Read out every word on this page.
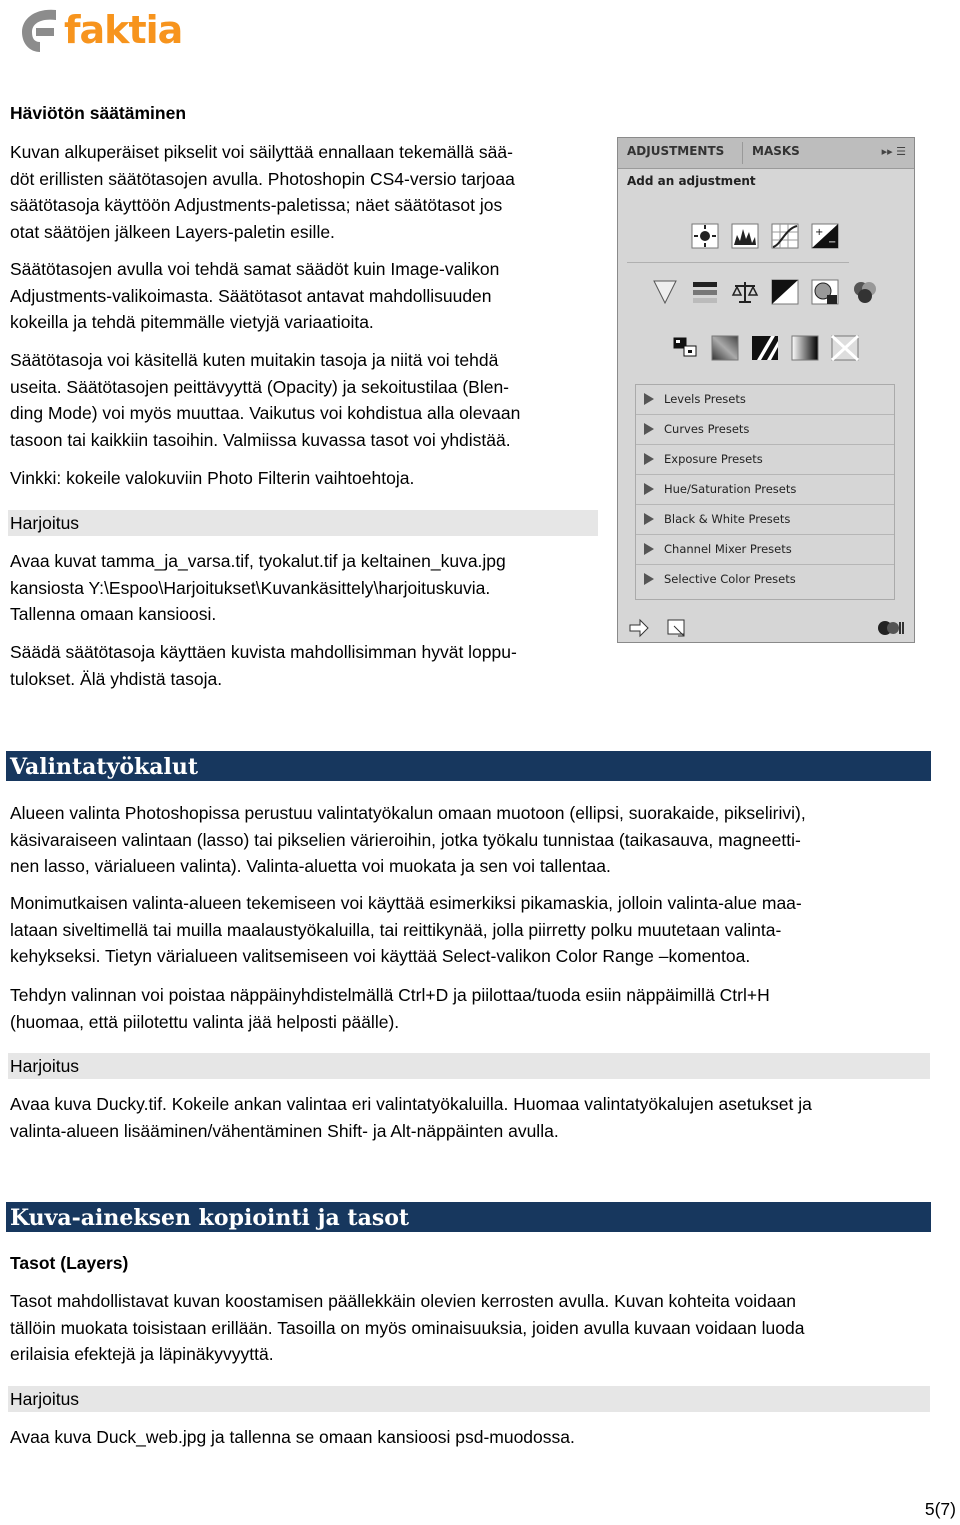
faktia

Häviötön säätäminen

Kuvan alkuperäiset pikselit voi säilyttää ennallaan tekemällä sää-

döt erillisten säätötasojen avulla. Photoshopin CS4-versio tarjoaa

säätötasoja käyttöön Adjustments-paletissa; näet säätötasot jos

otat säätöjen jälkeen Layers-paletin esille.

Säätötasojen avulla voi tehdä samat säädöt kuin Image-valikon

Adjustments-valikoimasta. Säätötasot antavat mahdollisuuden

kokeilla ja tehdä pitemmälle vietyjä variaatioita.

Säätötasoja voi käsitellä kuten muitakin tasoja ja niitä voi tehdä

useita. Säätötasojen peittävyyttä (Opacity) ja sekoitustilaa (Blen-

ding Mode) voi myös muuttaa. Vaikutus voi kohdistua alla olevaan

tasoon tai kaikkiin tasoihin. Valmiissa kuvassa tasot voi yhdistää.

Vinkki: kokeile valokuviin Photo Filterin vaihtoehtoja.

Harjoitus

Avaa kuvat tamma_ja_varsa.tif, tyokalut.tif ja keltainen_kuva.jpg

kansiosta Y:\Espoo\Harjoitukset\Kuvankäsittely\harjoituskuvia.

Tallenna omaan kansioosi.

Säädä säätötasoja käyttäen kuvista mahdollisimman hyvät loppu-

tulokset. Älä yhdistä tasoja.

ADJUSTMENTS MASKS	▸▸ ☰
Add an adjustment
+
−
Levels Presets
Curves Presets
Exposure Presets
Hue/Saturation Presets
Black & White Presets
Channel Mixer Presets
Selective Color Presets
Valintatyökalut

Alueen valinta Photoshopissa perustuu valintatyökalun omaan muotoon (ellipsi, suorakaide, pikselirivi),

käsivaraiseen valintaan (lasso) tai pikselien värieroihin, jotka työkalu tunnistaa (taikasauva, magneetti-

nen lasso, värialueen valinta). Valinta-aluetta voi muokata ja sen voi tallentaa.

Monimutkaisen valinta-alueen tekemiseen voi käyttää esimerkiksi pikamaskia, jolloin valinta-alue maa-

lataan siveltimellä tai muilla maalaustyökaluilla, tai reittikynää, jolla piirretty polku muutetaan valinta-

kehykseksi. Tietyn värialueen valitsemiseen voi käyttää Select-valikon Color Range –komentoa.

Tehdyn valinnan voi poistaa näppäinyhdistelmällä Ctrl+D ja piilottaa/tuoda esiin näppäimillä Ctrl+H

(huomaa, että piilotettu valinta jää helposti päälle).

Harjoitus

Avaa kuva Ducky.tif. Kokeile ankan valintaa eri valintatyökaluilla. Huomaa valintatyökalujen asetukset ja

valinta-alueen lisääminen/vähentäminen Shift- ja Alt-näppäinten avulla.

Kuva-aineksen kopiointi ja tasot

Tasot (Layers)

Tasot mahdollistavat kuvan koostamisen päällekkäin olevien kerrosten avulla. Kuvan kohteita voidaan

tällöin muokata toisistaan erillään. Tasoilla on myös ominaisuuksia, joiden avulla kuvaan voidaan luoda

erilaisia efektejä ja läpinäkyvyyttä.

Harjoitus

Avaa kuva Duck_web.jpg ja tallenna se omaan kansioosi psd-muodossa.

5(7)
